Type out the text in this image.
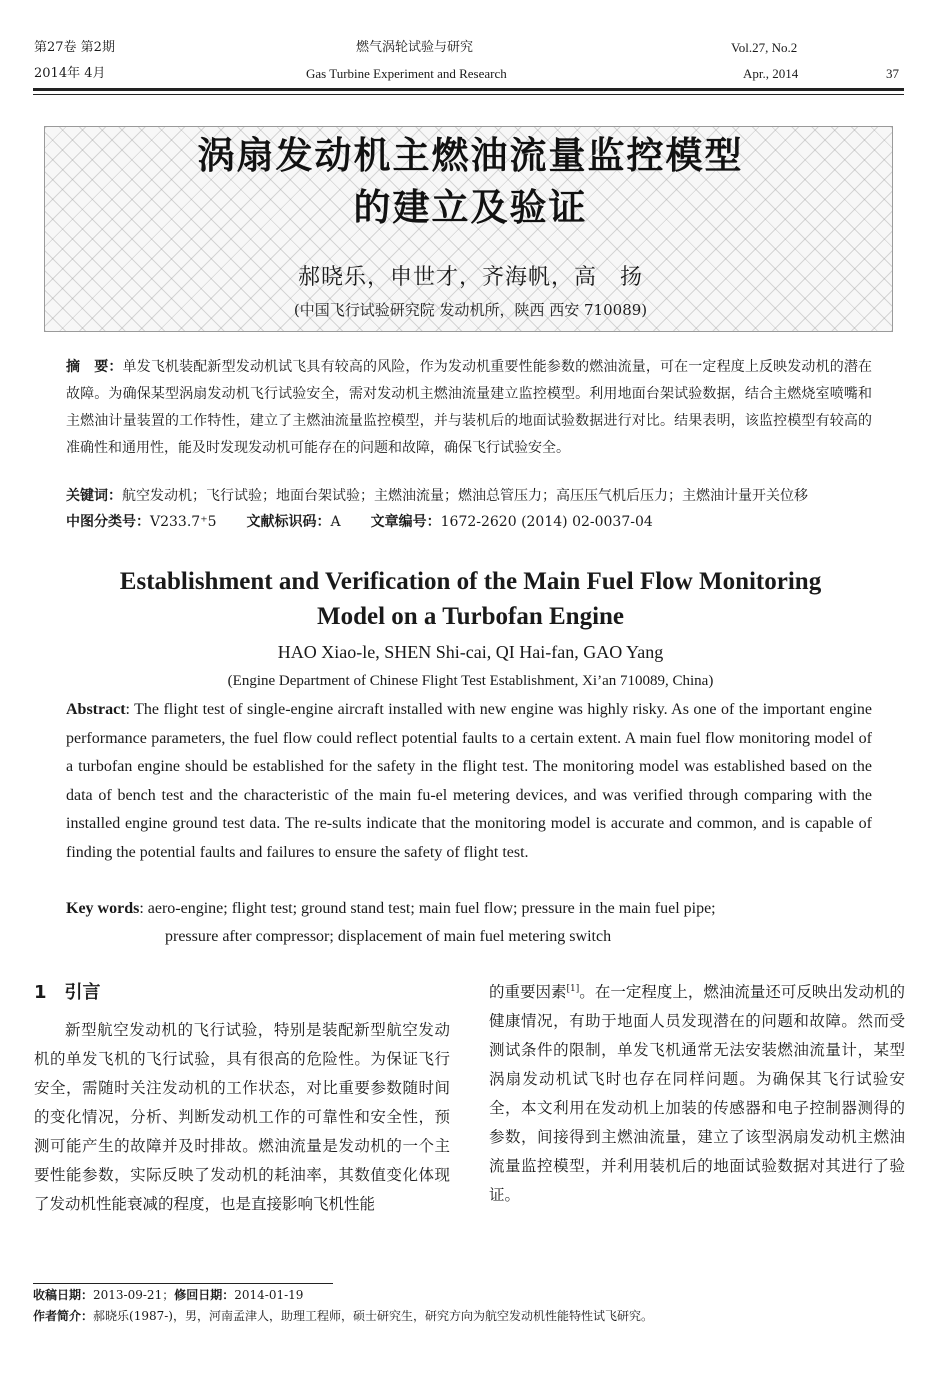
第27卷 第2期	燃气涡轮试验与研究	Vol.27, No.2
2014年 4月	Gas Turbine Experiment and Research	Apr., 2014	37
涡扇发动机主燃油流量监控模型
的建立及验证
郝晓乐，申世才，齐海帆，高　扬
(中国飞行试验研究院 发动机所，陕西 西安 710089)
摘　要：单发飞机装配新型发动机试飞具有较高的风险，作为发动机重要性能参数的燃油流量，可在一定程度上反映发动机的潜在故障。为确保某型涡扇发动机飞行试验安全，需对发动机主燃油流量建立监控模型。利用地面台架试验数据，结合主燃烧室喷嘴和主燃油计量装置的工作特性，建立了主燃油流量监控模型，并与装机后的地面试验数据进行对比。结果表明，该监控模型有较高的准确性和通用性，能及时发现发动机可能存在的问题和故障，确保飞行试验安全。
关键词：航空发动机；飞行试验；地面台架试验；主燃油流量；燃油总管压力；高压压气机后压力；主燃油计量开关位移
中图分类号：V233.7⁺5 文献标识码：A 文章编号：1672-2620 (2014) 02-0037-04
Establishment and Verification of the Main Fuel Flow Monitoring
Model on a Turbofan Engine
HAO Xiao-le, SHEN Shi-cai, QI Hai-fan, GAO Yang
(Engine Department of Chinese Flight Test Establishment, Xi’an 710089, China)
Abstract: The flight test of single-engine aircraft installed with new engine was highly risky. As one of the important engine performance parameters, the fuel flow could reflect potential faults to a certain extent. A main fuel flow monitoring model of a turbofan engine should be established for the safety in the flight test. The monitoring model was established based on the data of bench test and the characteristic of the main fu-el metering devices, and was verified through comparing with the installed engine ground test data. The re-sults indicate that the monitoring model is accurate and common, and is capable of finding the potential faults and failures to ensure the safety of flight test.
Key words: aero-engine; flight test; ground stand test; main fuel flow; pressure in the main fuel pipe;
pressure after compressor; displacement of main fuel metering switch
1　引言
新型航空发动机的飞行试验，特别是装配新型航空发动机的单发飞机的飞行试验，具有很高的危险性。为保证飞行安全，需随时关注发动机的工作状态，对比重要参数随时间的变化情况，分析、判断发动机工作的可靠性和安全性，预测可能产生的故障并及时排故。燃油流量是发动机的一个主要性能参数，实际反映了发动机的耗油率，其数值变化体现了发动机性能衰减的程度，也是直接影响飞机性能
的重要因素[1]。在一定程度上，燃油流量还可反映出发动机的健康情况，有助于地面人员发现潜在的问题和故障。然而受测试条件的限制，单发飞机通常无法安装燃油流量计，某型涡扇发动机试飞时也存在同样问题。为确保其飞行试验安全，本文利用在发动机上加装的传感器和电子控制器测得的参数，间接得到主燃油流量，建立了该型涡扇发动机主燃油流量监控模型，并利用装机后的地面试验数据对其进行了验证。
收稿日期：2013-09-21；修回日期：2014-01-19
作者简介：郝晓乐(1987-)，男，河南孟津人，助理工程师，硕士研究生，研究方向为航空发动机性能特性试飞研究。
